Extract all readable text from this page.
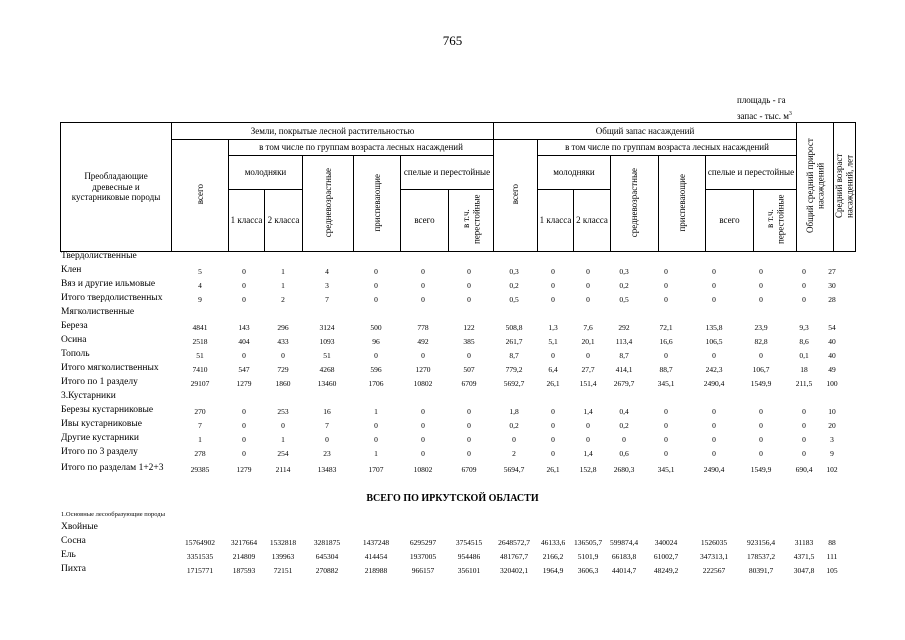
765
площадь - га
запас - тыс. $м^3$
Преобладающие древесные и кустарниковые породы	Земли, покрытые лесной растительностью							Общий запас насаждений							Общий средний прирост насаждений	Средний возраст насаждений, лет
	всего	в том числе по группам возраста лесных насаждений						всего	в том числе по группам возраста лесных насаждений							
		молодняки		средневозрастные	приспевающие	спелые и перестойные			молодняки		средневозрастные	приспевающие	спелые и перестойные			
		1 класса	2 класса			всего	в т.ч. перестойные		1 класса	2 класса			всего	в т.ч. перестойные		
Твердолиственные
Клен	5	0	1	4	0	0	0	0,3	0	0	0,3	0	0	0	0	27
Вяз и другие ильмовые	4	0	1	3	0	0	0	0,2	0	0	0,2	0	0	0	0	30
Итого твердолиственных	9	0	2	7	0	0	0	0,5	0	0	0,5	0	0	0	0	28
Мягколиственные
Береза	4841	143	296	3124	500	778	122	508,8	1,3	7,6	292	72,1	135,8	23,9	9,3	54
Осина	2518	404	433	1093	96	492	385	261,7	5,1	20,1	113,4	16,6	106,5	82,8	8,6	40
Тополь	51	0	0	51	0	0	0	8,7	0	0	8,7	0	0	0	0,1	40
Итого мягколиственных	7410	547	729	4268	596	1270	507	779,2	6,4	27,7	414,1	88,7	242,3	106,7	18	49
Итого по 1 разделу	29107	1279	1860	13460	1706	10802	6709	5692,7	26,1	151,4	2679,7	345,1	2490,4	1549,9	211,5	100
3.Кустарники
Березы кустарниковые	270	0	253	16	1	0	0	1,8	0	1,4	0,4	0	0	0	0	10
Ивы кустарниковые	7	0	0	7	0	0	0	0,2	0	0	0,2	0	0	0	0	20
Другие кустарники	1	0	1	0	0	0	0	0	0	0	0	0	0	0	0	3
Итого по 3 разделу	278	0	254	23	1	0	0	2	0	1,4	0,6	0	0	0	0	9
Итого по разделам 1+2+3	29385	1279	2114	13483	1707	10802	6709	5694,7	26,1	152,8	2680,3	345,1	2490,4	1549,9	690,4	102
ВСЕГО ПО ИРКУТСКОЙ ОБЛАСТИ
1.Основные лесообразующие породы
Хвойные
Сосна	15764902	3217664	1532818	3281875	1437248	6295297	3754515	2648572,7	46133,6	136505,7	599874,4	340024	1526035	923156,4	31183	88
Ель	3351535	214809	139963	645304	414454	1937005	954486	481767,7	2166,2	5101,9	66183,8	61002,7	347313,1	178537,2	4371,5	111
Пихта	1715771	187593	72151	270882	218988	966157	356101	320402,1	1964,9	3606,3	44014,7	48249,2	222567	80391,7	3047,8	105
